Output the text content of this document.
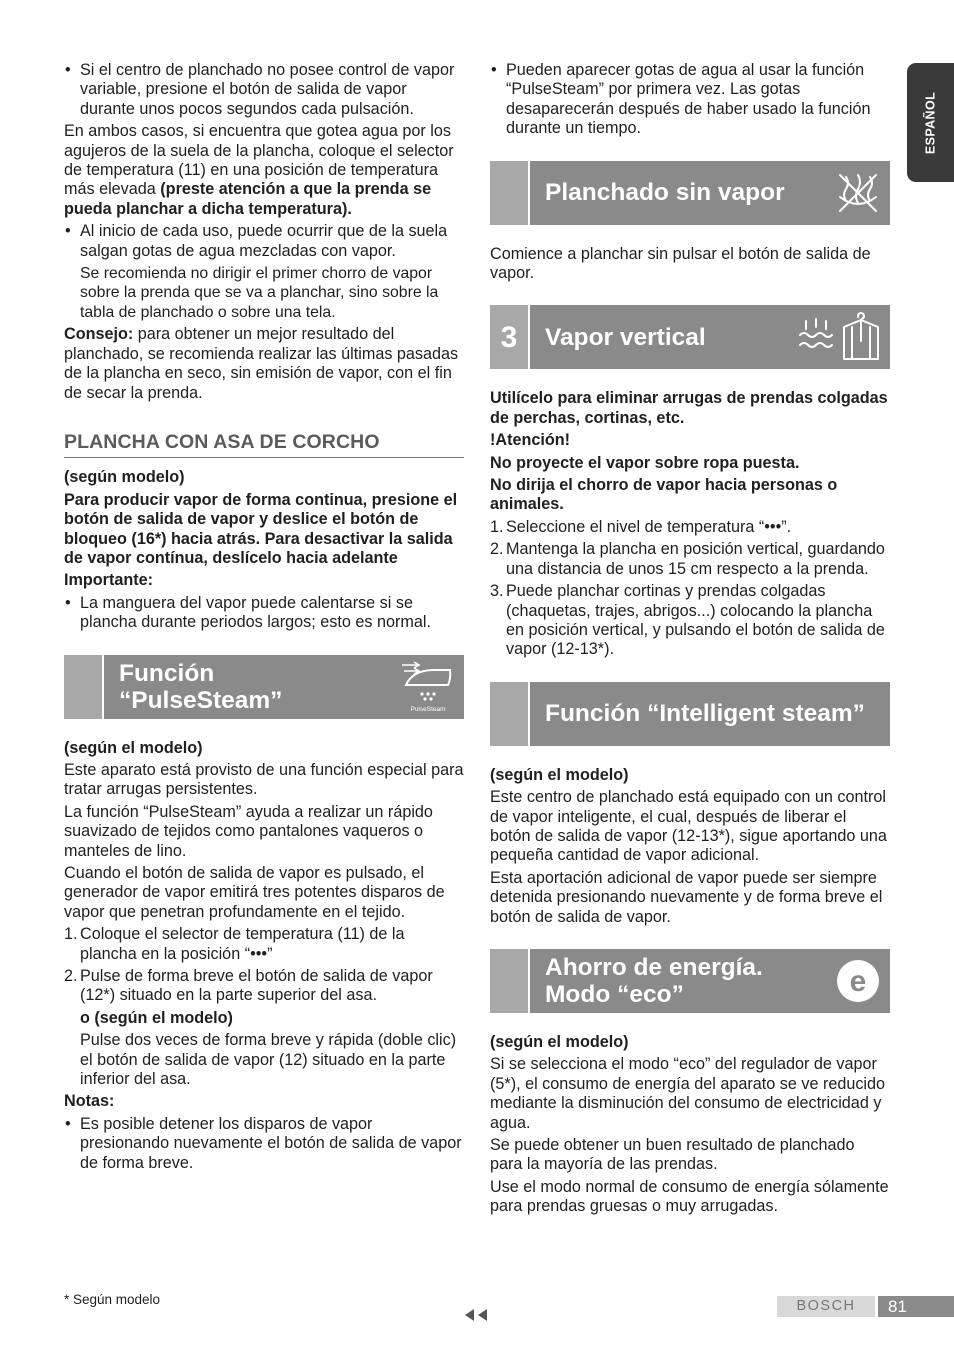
ESPAÑOL
• Si el centro de planchado no posee control de vapor variable, presione el botón de salida de vapor durante unos pocos segundos cada pulsación.

En ambos casos, si encuentra que gotea agua por los agujeros de la suela de la plancha, coloque el selector de temperatura (11) en una posición de temperatura más elevada (preste atención a que la prenda se pueda planchar a dicha temperatura).

• Al inicio de cada uso, puede ocurrir que de la suela salgan gotas de agua mezcladas con vapor.
Se recomienda no dirigir el primer chorro de vapor sobre la prenda que se va a planchar, sino sobre la tabla de planchado o sobre una tela.

Consejo: para obtener un mejor resultado del planchado, se recomienda realizar las últimas pasadas de la plancha en seco, sin emisión de vapor, con el fin de secar la prenda.

PLANCHA CON ASA DE CORCHO

(según modelo)

Para producir vapor de forma continua, presione el botón de salida de vapor y deslice el botón de bloqueo (16*) hacia atrás. Para desactivar la salida de vapor contínua, deslícelo hacia adelante

Importante:

• La manguera del vapor puede calentarse si se plancha durante periodos largos; esto es normal.
Función
“PulseSteam”	PulseSteam

(según el modelo)

Este aparato está provisto de una función especial para tratar arrugas persistentes.

La función “PulseSteam” ayuda a realizar un rápido suavizado de tejidos como pantalones vaqueros o manteles de lino.

Cuando el botón de salida de vapor es pulsado, el generador de vapor emitirá tres potentes disparos de vapor que penetran profundamente en el tejido.

1. Coloque el selector de temperatura (11) de la plancha en la posición “•••”
2. Pulse de forma breve el botón de salida de vapor (12*) situado en la parte superior del asa.
o (según el modelo)
Pulse dos veces de forma breve y rápida (doble clic) el botón de salida de vapor (12) situado en la parte inferior del asa.

Notas:

• Es posible detener los disparos de vapor presionando nuevamente el botón de salida de vapor de forma breve.
• Pueden aparecer gotas de agua al usar la función “PulseSteam” por primera vez. Las gotas desaparecerán después de haber usado la función durante un tiempo.
Planchado sin vapor

Comience a planchar sin pulsar el botón de salida de vapor.

3	Vapor vertical

Utilícelo para eliminar arrugas de prendas colgadas de perchas, cortinas, etc.

!Atención!

No proyecte el vapor sobre ropa puesta.

No dirija el chorro de vapor hacia personas o animales.

1. Seleccione el nivel de temperatura “•••”.
2. Mantenga la plancha en posición vertical, guardando una distancia de unos 15 cm respecto a la prenda.
3. Puede planchar cortinas y prendas colgadas (chaquetas, trajes, abrigos...) colocando la plancha en posición vertical, y pulsando el botón de salida de vapor (12-13*).
Función “Intelligent steam”

(según el modelo)

Este centro de planchado está equipado con un control de vapor inteligente, el cual, después de liberar el botón de salida de vapor (12-13*), sigue aportando una pequeña cantidad de vapor adicional.

Esta aportación adicional de vapor puede ser siempre detenida presionando nuevamente y de forma breve el botón de salida de vapor.

Ahorro de energía.
Modo “eco”	e

(según el modelo)

Si se selecciona el modo “eco” del regulador de vapor (5*), el consumo de energía del aparato se ve reducido mediante la disminución del consumo de electricidad y agua.

Se puede obtener un buen resultado de planchado para la mayoría de las prendas.

Use el modo normal de consumo de energía sólamente para prendas gruesas o muy arrugadas.

* Según modelo	BOSCH	81
